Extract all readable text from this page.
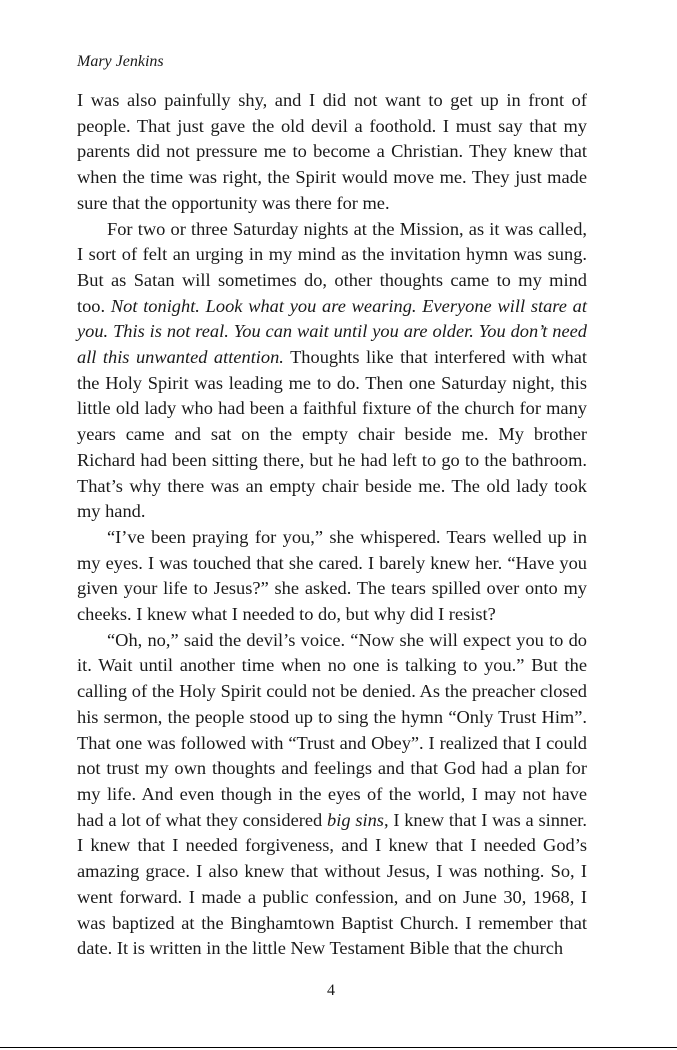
Mary Jenkins

I was also painfully shy, and I did not want to get up in front of people. That just gave the old devil a foothold. I must say that my parents did not pressure me to become a Christian. They knew that when the time was right, the Spirit would move me. They just made sure that the opportunity was there for me.

For two or three Saturday nights at the Mission, as it was called, I sort of felt an urging in my mind as the invitation hymn was sung. But as Satan will sometimes do, other thoughts came to my mind too. Not tonight. Look what you are wearing. Everyone will stare at you. This is not real. You can wait until you are older. You don’t need all this unwanted attention. Thoughts like that interfered with what the Holy Spirit was leading me to do. Then one Saturday night, this little old lady who had been a faithful fixture of the church for many years came and sat on the empty chair beside me. My brother Richard had been sitting there, but he had left to go to the bathroom. That’s why there was an empty chair beside me. The old lady took my hand.

“I’ve been praying for you,” she whispered. Tears welled up in my eyes. I was touched that she cared. I barely knew her. “Have you given your life to Jesus?” she asked. The tears spilled over onto my cheeks. I knew what I needed to do, but why did I resist?

“Oh, no,” said the devil’s voice. “Now she will expect you to do it. Wait until another time when no one is talking to you.” But the calling of the Holy Spirit could not be denied. As the preacher closed his sermon, the people stood up to sing the hymn “Only Trust Him”. That one was followed with “Trust and Obey”. I realized that I could not trust my own thoughts and feelings and that God had a plan for my life. And even though in the eyes of the world, I may not have had a lot of what they considered big sins, I knew that I was a sinner. I knew that I needed forgiveness, and I knew that I needed God’s amazing grace. I also knew that without Jesus, I was nothing. So, I went forward. I made a public confession, and on June 30, 1968, I was baptized at the Binghamtown Baptist Church. I remember that date. It is written in the little New Testament Bible that the church

4
